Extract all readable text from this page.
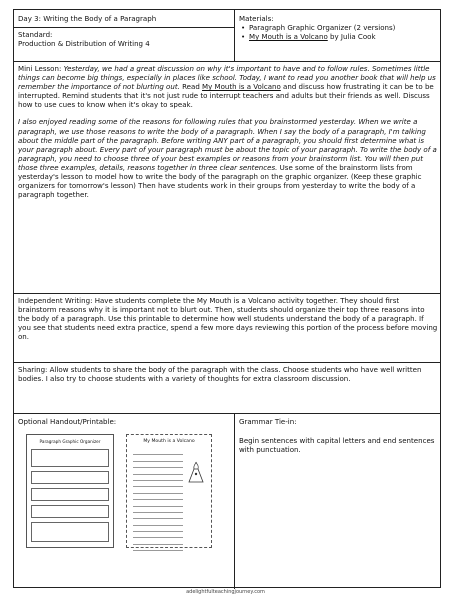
Day 3: Writing the Body of a Paragraph

Standard:

Production & Distribution of Writing 4

Materials:

• Paragraph Graphic Organizer (2 versions)
• My Mouth is a Volcano by Julia Cook

Mini Lesson: Yesterday, we had a great discussion on why it's important to have and to follow rules. Sometimes little things can become big things, especially in places like school. Today, I want to read you another book that will help us remember the importance of not blurting out. Read My Mouth is a Volcano and discuss how frustrating it can be to be interrupted. Remind students that it's not just rude to interrupt teachers and adults but their friends as well. Discuss how to use cues to know when it's okay to speak.

I also enjoyed reading some of the reasons for following rules that you brainstormed yesterday. When we write a paragraph, we use those reasons to write the body of a paragraph. When I say the body of a paragraph, I'm talking about the middle part of the paragraph. Before writing ANY part of a paragraph, you should first determine what is your paragraph about. Every part of your paragraph must be about the topic of your paragraph. To write the body of a paragraph, you need to choose three of your best examples or reasons from your brainstorm list. You will then put those three examples, details, reasons together in three clear sentences. Use some of the brainstorm lists from yesterday's lesson to model how to write the body of the paragraph on the graphic organizer. (Keep these graphic organizers for tomorrow's lesson) Then have students work in their groups from yesterday to write the body of a paragraph together.

Independent Writing: Have students complete the My Mouth is a Volcano activity together. They should first brainstorm reasons why it is important not to blurt out. Then, students should organize their top three reasons into the body of a paragraph. Use this printable to determine how well students understand the body of a paragraph. If you see that students need extra practice, spend a few more days reviewing this portion of the process before moving on.

Sharing: Allow students to share the body of the paragraph with the class. Choose students who have well written bodies. I also try to choose students with a variety of thoughts for extra classroom discussion.

Optional Handout/Printable:

Paragraph Graphic Organizer	My Mouth is a Volcano

Grammar Tie-in:

Begin sentences with capital letters and end sentences with punctuation.

adelightfulteachingjourney.com
